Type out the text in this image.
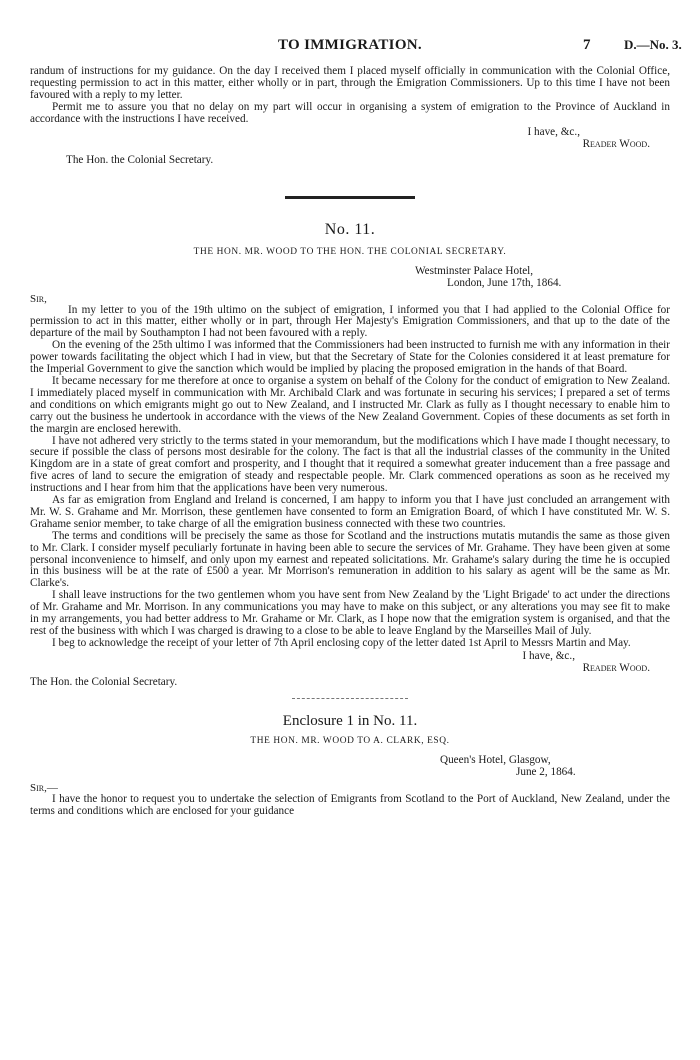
TO IMMIGRATION.	7	D.—No. 3.

randum of instructions for my guidance. On the day I received them I placed myself officially in communication with the Colonial Office, requesting permission to act in this matter, either wholly or in part, through the Emigration Commissioners. Up to this time I have not been favoured with a reply to my letter.

Permit me to assure you that no delay on my part will occur in organising a system of emigration to the Province of Auckland in accordance with the instructions I have received.

I have, &c.,
Reader Wood.
The Hon. the Colonial Secretary.
No. 11.
THE HON. MR. WOOD TO THE HON. THE COLONIAL SECRETARY.
Westminster Palace Hotel,
London, June 17th, 1864.
Sir,

In my letter to you of the 19th ultimo on the subject of emigration, I informed you that I had applied to the Colonial Office for permission to act in this matter, either wholly or in part, through Her Majesty's Emigration Commissioners, and that up to the date of the departure of the mail by Southampton I had not been favoured with a reply.

On the evening of the 25th ultimo I was informed that the Commissioners had been instructed to furnish me with any information in their power towards facilitating the object which I had in view, but that the Secretary of State for the Colonies considered it at least premature for the Imperial Government to give the sanction which would be implied by placing the proposed emigration in the hands of that Board.

It became necessary for me therefore at once to organise a system on behalf of the Colony for the conduct of emigration to New Zealand. I immediately placed myself in communication with Mr. Archibald Clark and was fortunate in securing his services; I prepared a set of terms and conditions on which emigrants might go out to New Zealand, and I instructed Mr. Clark as fully as I thought necessary to enable him to carry out the business he undertook in accordance with the views of the New Zealand Government. Copies of these documents as set forth in the margin are enclosed herewith.

I have not adhered very strictly to the terms stated in your memorandum, but the modifications which I have made I thought necessary, to secure if possible the class of persons most desirable for the colony. The fact is that all the industrial classes of the community in the United Kingdom are in a state of great comfort and prosperity, and I thought that it required a somewhat greater inducement than a free passage and five acres of land to secure the emigration of steady and respectable people. Mr. Clark commenced operations as soon as he received my instructions and I hear from him that the applications have been very numerous.

As far as emigration from England and Ireland is concerned, I am happy to inform you that I have just concluded an arrangement with Mr. W. S. Grahame and Mr. Morrison, these gentlemen have consented to form an Emigration Board, of which I have constituted Mr. W. S. Grahame senior member, to take charge of all the emigration business connected with these two countries.

The terms and conditions will be precisely the same as those for Scotland and the instructions mutatis mutandis the same as those given to Mr. Clark. I consider myself peculiarly fortunate in having been able to secure the services of Mr. Grahame. They have been given at some personal inconvenience to himself, and only upon my earnest and repeated solicitations. Mr. Grahame's salary during the time he is occupied in this business will be at the rate of £500 a year. Mr Morrison's remuneration in addition to his salary as agent will be the same as Mr. Clarke's.

I shall leave instructions for the two gentlemen whom you have sent from New Zealand by the 'Light Brigade' to act under the directions of Mr. Grahame and Mr. Morrison. In any communications you may have to make on this subject, or any alterations you may see fit to make in my arrangements, you had better address to Mr. Grahame or Mr. Clark, as I hope now that the emigration system is organised, and that the rest of the business with which I was charged is drawing to a close to be able to leave England by the Marseilles Mail of July.

I beg to acknowledge the receipt of your letter of 7th April enclosing copy of the letter dated 1st April to Messrs Martin and May.

I have, &c.,
Reader Wood.
The Hon. the Colonial Secretary.
Enclosure 1 in No. 11.
THE HON. MR. WOOD TO A. CLARK, ESQ.
Queen's Hotel, Glasgow,
June 2, 1864.
Sir,—

I have the honor to request you to undertake the selection of Emigrants from Scotland to the Port of Auckland, New Zealand, under the terms and conditions which are enclosed for your guidance
